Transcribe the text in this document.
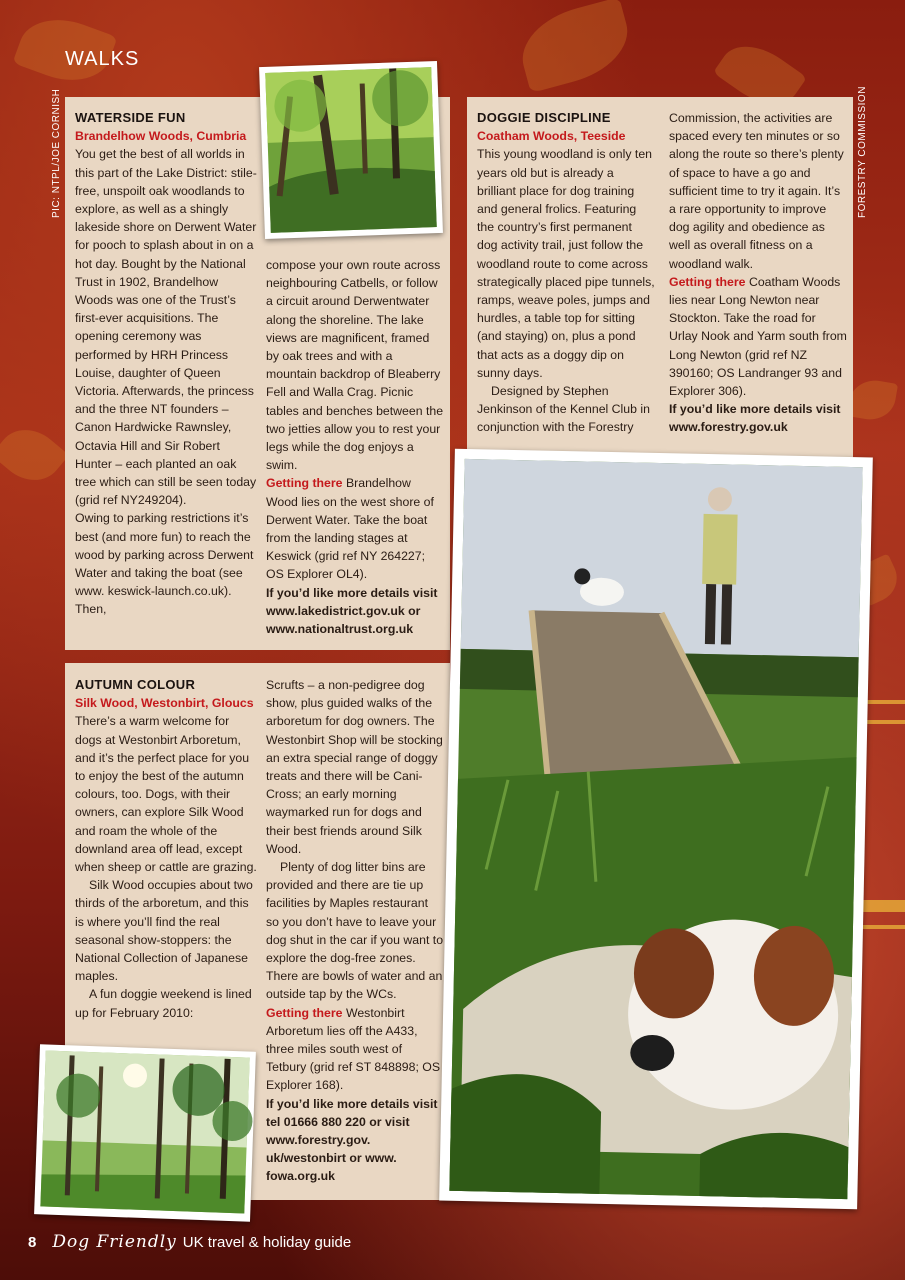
WALKS
PIC: NTPL/JOE CORNISH	FORESTRY COMMISSION

WATERSIDE FUN

Brandelhow Woods, Cumbria

You get the best of all worlds in this part of the Lake District: stile-free, unspoilt oak woodlands to explore, as well as a shingly lakeside shore on Derwent Water for pooch to splash about in on a hot day. Bought by the National Trust in 1902, Brandelhow Woods was one of the Trust’s first-ever acquisitions. The opening ceremony was performed by HRH Princess Louise, daughter of Queen Victoria. Afterwards, the princess and the three NT founders – Canon Hardwicke Rawnsley, Octavia Hill and Sir Robert Hunter – each planted an oak tree which can still be seen today (grid ref NY249204).

Owing to parking restrictions it’s best (and more fun) to reach the wood by parking across Derwent Water and taking the boat (see www. keswick-launch.co.uk). Then,

compose your own route across neighbouring Catbells, or follow a circuit around Derwentwater along the shoreline. The lake views are magnificent, framed by oak trees and with a mountain backdrop of Bleaberry Fell and Walla Crag. Picnic tables and benches between the two jetties allow you to rest your legs while the dog enjoys a swim.

Getting there Brandelhow Wood lies on the west shore of Derwent Water. Take the boat from the landing stages at Keswick (grid ref NY 264227; OS Explorer OL4).

If you’d like more details visit www.lakedistrict.gov.uk or www.nationaltrust.org.uk

DOGGIE DISCIPLINE

Coatham Woods, Teeside

This young woodland is only ten years old but is already a brilliant place for dog training and general frolics. Featuring the country’s first permanent dog activity trail, just follow the woodland route to come across strategically placed pipe tunnels, ramps, weave poles, jumps and hurdles, a table top for sitting (and staying) on, plus a pond that acts as a doggy dip on sunny days.

Designed by Stephen Jenkinson of the Kennel Club in conjunction with the Forestry

Commission, the activities are spaced every ten minutes or so along the route so there’s plenty of space to have a go and sufficient time to try it again. It’s a rare opportunity to improve dog agility and obedience as well as overall fitness on a woodland walk.

Getting there Coatham Woods lies near Long Newton near Stockton. Take the road for Urlay Nook and Yarm south from Long Newton (grid ref NZ 390160; OS Landranger 93 and Explorer 306).

If you’d like more details visit www.forestry.gov.uk

AUTUMN COLOUR

Silk Wood, Westonbirt, Gloucs

There’s a warm welcome for dogs at Westonbirt Arboretum, and it’s the perfect place for you to enjoy the best of the autumn colours, too. Dogs, with their owners, can explore Silk Wood and roam the whole of the downland area off lead, except when sheep or cattle are grazing.

Silk Wood occupies about two thirds of the arboretum, and this is where you’ll find the real seasonal show-stoppers: the National Collection of Japanese maples.

A fun doggie weekend is lined up for February 2010:

Scrufts – a non-pedigree dog show, plus guided walks of the arboretum for dog owners. The Westonbirt Shop will be stocking an extra special range of doggy treats and there will be Cani-Cross; an early morning waymarked run for dogs and their best friends around Silk Wood.

Plenty of dog litter bins are provided and there are tie up facilities by Maples restaurant so you don’t have to leave your dog shut in the car if you want to explore the dog-free zones. There are bowls of water and an outside tap by the WCs.

Getting there Westonbirt Arboretum lies off the A433, three miles south west of Tetbury (grid ref ST 848898; OS Explorer 168).

If you’d like more details visit tel 01666 880 220 or visit www.forestry.gov. uk/westonbirt or www. fowa.org.uk

8 Dog Friendly UK travel & holiday guide
